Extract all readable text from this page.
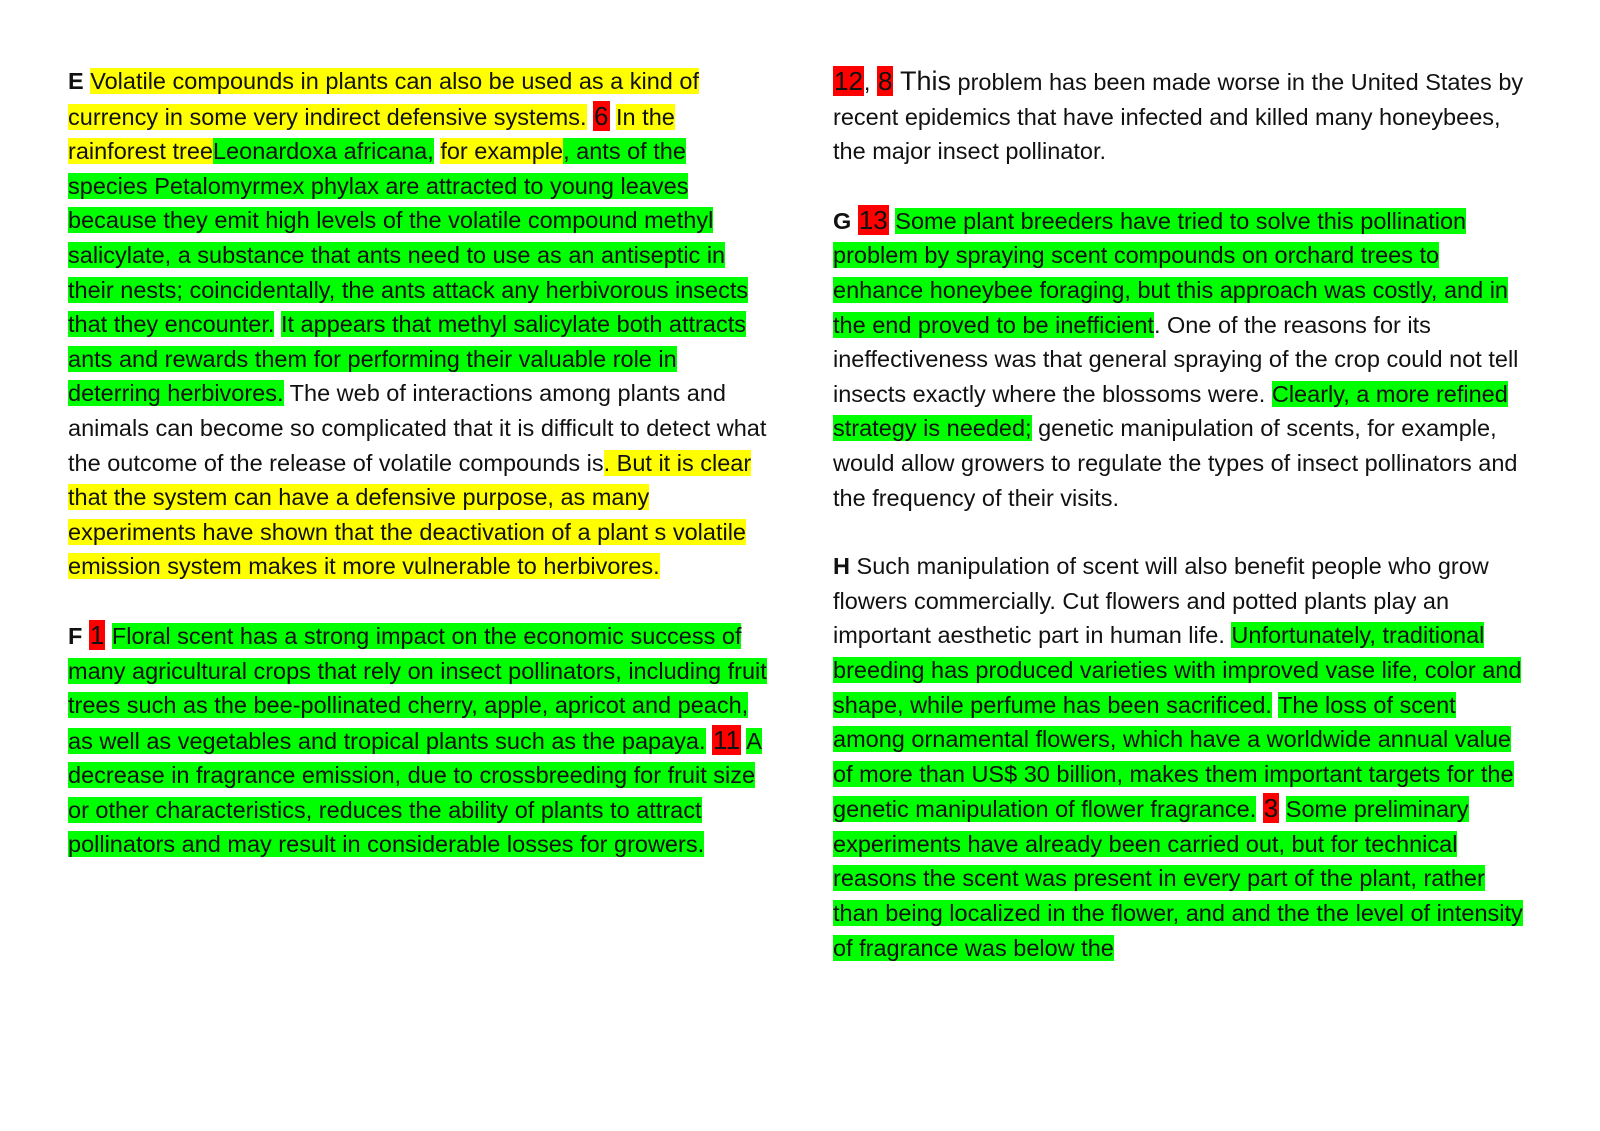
E Volatile compounds in plants can also be used as a kind of currency in some very indirect defensive systems. 6 In the rainforest treeLeonardoxa africana, for example, ants of the species Petalomyrmex phylax are attracted to young leaves because they emit high levels of the volatile compound methyl salicylate, a substance that ants need to use as an antiseptic in their nests; coincidentally, the ants attack any herbivorous insects that they encounter. It appears that methyl salicylate both attracts ants and rewards them for performing their valuable role in deterring herbivores. The web of interactions among plants and animals can become so complicated that it is difficult to detect what the outcome of the release of volatile compounds is. But it is clear that the system can have a defensive purpose, as many experiments have shown that the deactivation of a plant s volatile emission system makes it more vulnerable to herbivores.

F 1 Floral scent has a strong impact on the economic success of many agricultural crops that rely on insect pollinators, including fruit trees such as the bee-pollinated cherry, apple, apricot and peach, as well as vegetables and tropical plants such as the papaya. 11 A decrease in fragrance emission, due to crossbreeding for fruit size or other characteristics, reduces the ability of plants to attract pollinators and may result in considerable losses for growers.

12, 8 This problem has been made worse in the United States by recent epidemics that have infected and killed many honeybees, the major insect pollinator.

G 13 Some plant breeders have tried to solve this pollination problem by spraying scent compounds on orchard trees to enhance honeybee foraging, but this approach was costly, and in the end proved to be inefficient. One of the reasons for its ineffectiveness was that general spraying of the crop could not tell insects exactly where the blossoms were. Clearly, a more refined strategy is needed; genetic manipulation of scents, for example, would allow growers to regulate the types of insect pollinators and the frequency of their visits.

H Such manipulation of scent will also benefit people who grow flowers commercially. Cut flowers and potted plants play an important aesthetic part in human life. Unfortunately, traditional breeding has produced varieties with improved vase life, color and shape, while perfume has been sacrificed. The loss of scent among ornamental flowers, which have a worldwide annual value of more than US$ 30 billion, makes them important targets for the genetic manipulation of flower fragrance. 3 Some preliminary experiments have already been carried out, but for technical reasons the scent was present in every part of the plant, rather than being localized in the flower, and and the the level of intensity of fragrance was below the
